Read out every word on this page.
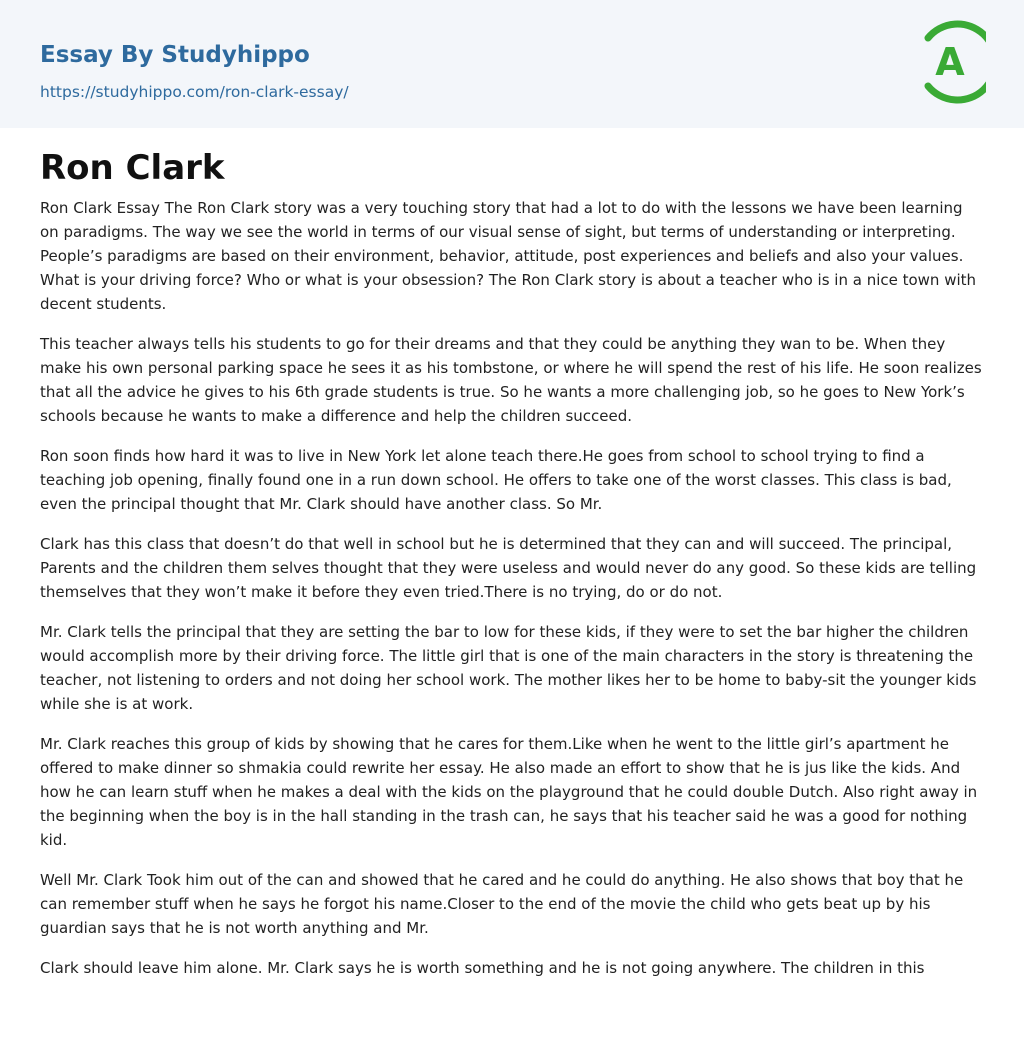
Essay By Studyhippo
https://studyhippo.com/ron-clark-essay/
A
Ron Clark

Ron Clark Essay The Ron Clark story was a very touching story that had a lot to do with the lessons we have been learning on paradigms. The way we see the world in terms of our visual sense of sight, but terms of understanding or interpreting. People’s paradigms are based on their environment, behavior, attitude, post experiences and beliefs and also your values. What is your driving force? Who or what is your obsession? The Ron Clark story is about a teacher who is in a nice town with decent students.

This teacher always tells his students to go for their dreams and that they could be anything they wan to be. When they make his own personal parking space he sees it as his tombstone, or where he will spend the rest of his life. He soon realizes that all the advice he gives to his 6th grade students is true. So he wants a more challenging job, so he goes to New York’s schools because he wants to make a difference and help the children succeed.

Ron soon finds how hard it was to live in New York let alone teach there.He goes from school to school trying to find a teaching job opening, finally found one in a run down school. He offers to take one of the worst classes. This class is bad, even the principal thought that Mr. Clark should have another class. So Mr.

Clark has this class that doesn’t do that well in school but he is determined that they can and will succeed. The principal, Parents and the children them selves thought that they were useless and would never do any good. So these kids are telling themselves that they won’t make it before they even tried.There is no trying, do or do not.

Mr. Clark tells the principal that they are setting the bar to low for these kids, if they were to set the bar higher the children would accomplish more by their driving force. The little girl that is one of the main characters in the story is threatening the teacher, not listening to orders and not doing her school work. The mother likes her to be home to baby-sit the younger kids while she is at work.

Mr. Clark reaches this group of kids by showing that he cares for them.Like when he went to the little girl’s apartment he offered to make dinner so shmakia could rewrite her essay. He also made an effort to show that he is jus like the kids. And how he can learn stuff when he makes a deal with the kids on the playground that he could double Dutch. Also right away in the beginning when the boy is in the hall standing in the trash can, he says that his teacher said he was a good for nothing kid.

Well Mr. Clark Took him out of the can and showed that he cared and he could do anything. He also shows that boy that he can remember stuff when he says he forgot his name.Closer to the end of the movie the child who gets beat up by his guardian says that he is not worth anything and Mr.

Clark should leave him alone. Mr. Clark says he is worth something and he is not going anywhere. The children in this
